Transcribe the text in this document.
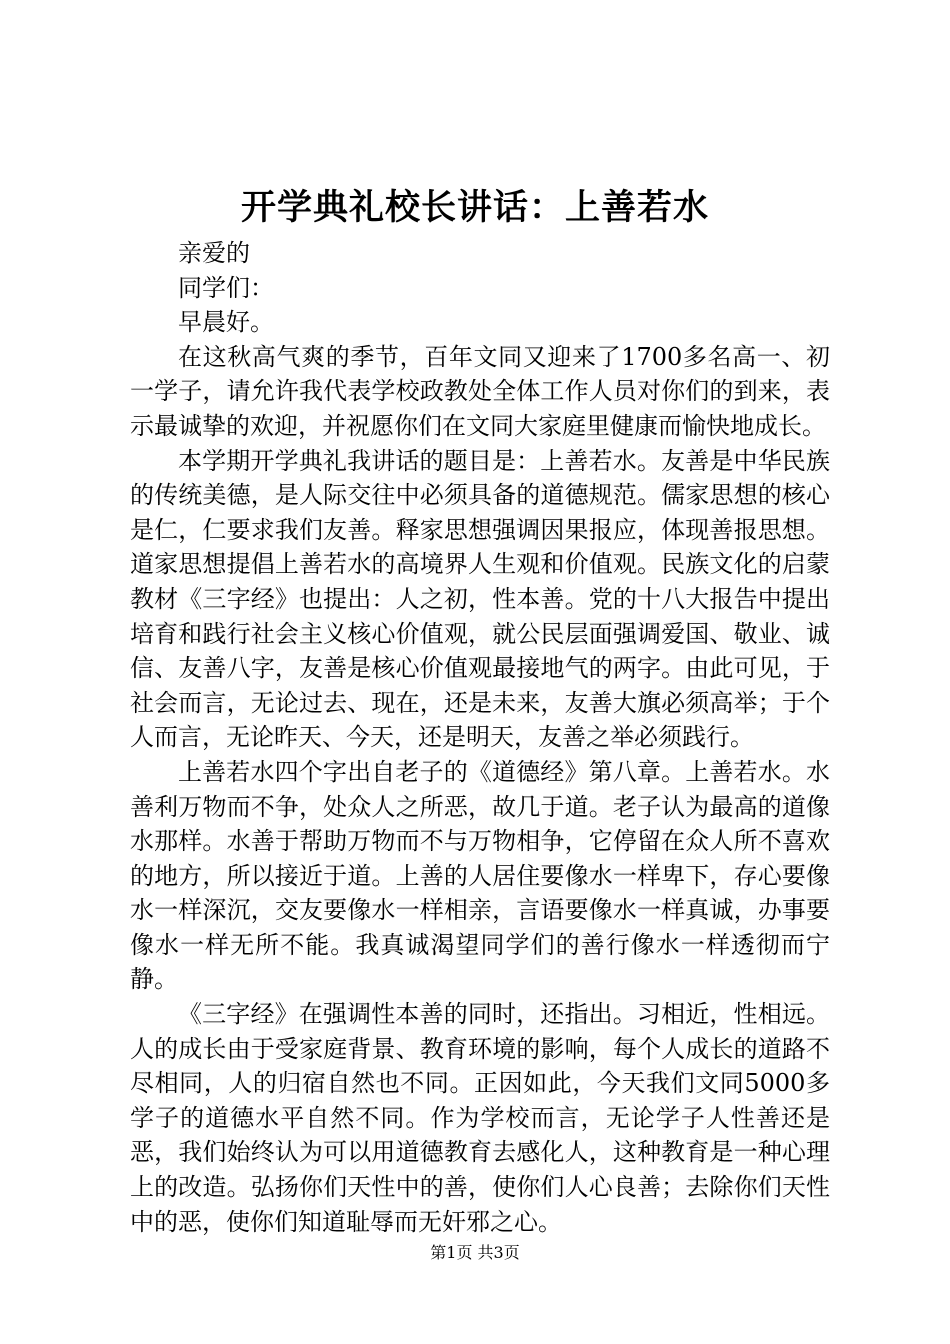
开学典礼校长讲话：上善若水

亲爱的

同学们：

早晨好。

在这秋高气爽的季节，百年文同又迎来了1700多名高一、初一学子，请允许我代表学校政教处全体工作人员对你们的到来，表示最诚挚的欢迎，并祝愿你们在文同大家庭里健康而愉快地成长。

本学期开学典礼我讲话的题目是：上善若水。友善是中华民族的传统美德，是人际交往中必须具备的道德规范。儒家思想的核心是仁，仁要求我们友善。释家思想强调因果报应，体现善报思想。道家思想提倡上善若水的高境界人生观和价值观。民族文化的启蒙教材《三字经》也提出：人之初，性本善。党的十八大报告中提出培育和践行社会主义核心价值观，就公民层面强调爱国、敬业、诚信、友善八字，友善是核心价值观最接地气的两字。由此可见，于社会而言，无论过去、现在，还是未来，友善大旗必须高举；于个人而言，无论昨天、今天，还是明天，友善之举必须践行。

上善若水四个字出自老子的《道德经》第八章。上善若水。水善利万物而不争，处众人之所恶，故几于道。老子认为最高的道像水那样。水善于帮助万物而不与万物相争，它停留在众人所不喜欢的地方，所以接近于道。上善的人居住要像水一样卑下，存心要像水一样深沉，交友要像水一样相亲，言语要像水一样真诚，办事要像水一样无所不能。我真诚渴望同学们的善行像水一样透彻而宁静。

《三字经》在强调性本善的同时，还指出。习相近，性相远。人的成长由于受家庭背景、教育环境的影响，每个人成长的道路不尽相同，人的归宿自然也不同。正因如此，今天我们文同5000多学子的道德水平自然不同。作为学校而言，无论学子人性善还是恶，我们始终认为可以用道德教育去感化人，这种教育是一种心理上的改造。弘扬你们天性中的善，使你们人心良善；去除你们天性中的恶，使你们知道耻辱而无奸邪之心。

第1页 共3页
